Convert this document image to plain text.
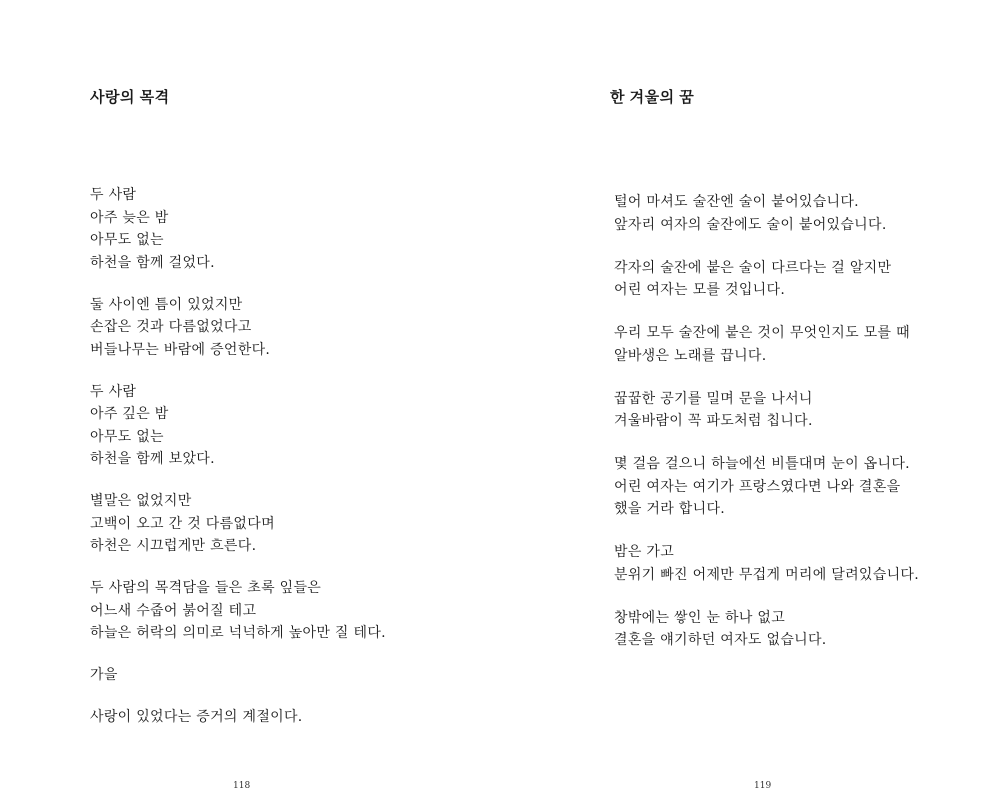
사랑의 목격
두 사람
아주 늦은 밤
아무도 없는
하천을 함께 걸었다.
둘 사이엔 틈이 있었지만
손잡은 것과 다름없었다고
버들나무는 바람에 증언한다.
두 사람
아주 깊은 밤
아무도 없는
하천을 함께 보았다.
별말은 없었지만
고백이 오고 간 것 다름없다며
하천은 시끄럽게만 흐른다.
두 사람의 목격담을 들은 초록 잎들은
어느새 수줍어 붉어질 테고
하늘은 허락의 의미로 넉넉하게 높아만 질 테다.
가을
사랑이 있었다는 증거의 계절이다.
118
한 겨울의 꿈
털어 마셔도 술잔엔 술이 붙어있습니다.
앞자리 여자의 술잔에도 술이 붙어있습니다.
각자의 술잔에 붙은 술이 다르다는 걸 알지만
어린 여자는 모를 것입니다.
우리 모두 술잔에 붙은 것이 무엇인지도 모를 때
알바생은 노래를 끕니다.
꿉꿉한 공기를 밀며 문을 나서니
겨울바람이 꼭 파도처럼 칩니다.
몇 걸음 걸으니 하늘에선 비틀대며 눈이 옵니다.
어린 여자는 여기가 프랑스였다면 나와 결혼을
했을 거라 합니다.
밤은 가고
분위기 빠진 어제만 무겁게 머리에 달려있습니다.
창밖에는 쌓인 눈 하나 없고
결혼을 얘기하던 여자도 없습니다.
119
